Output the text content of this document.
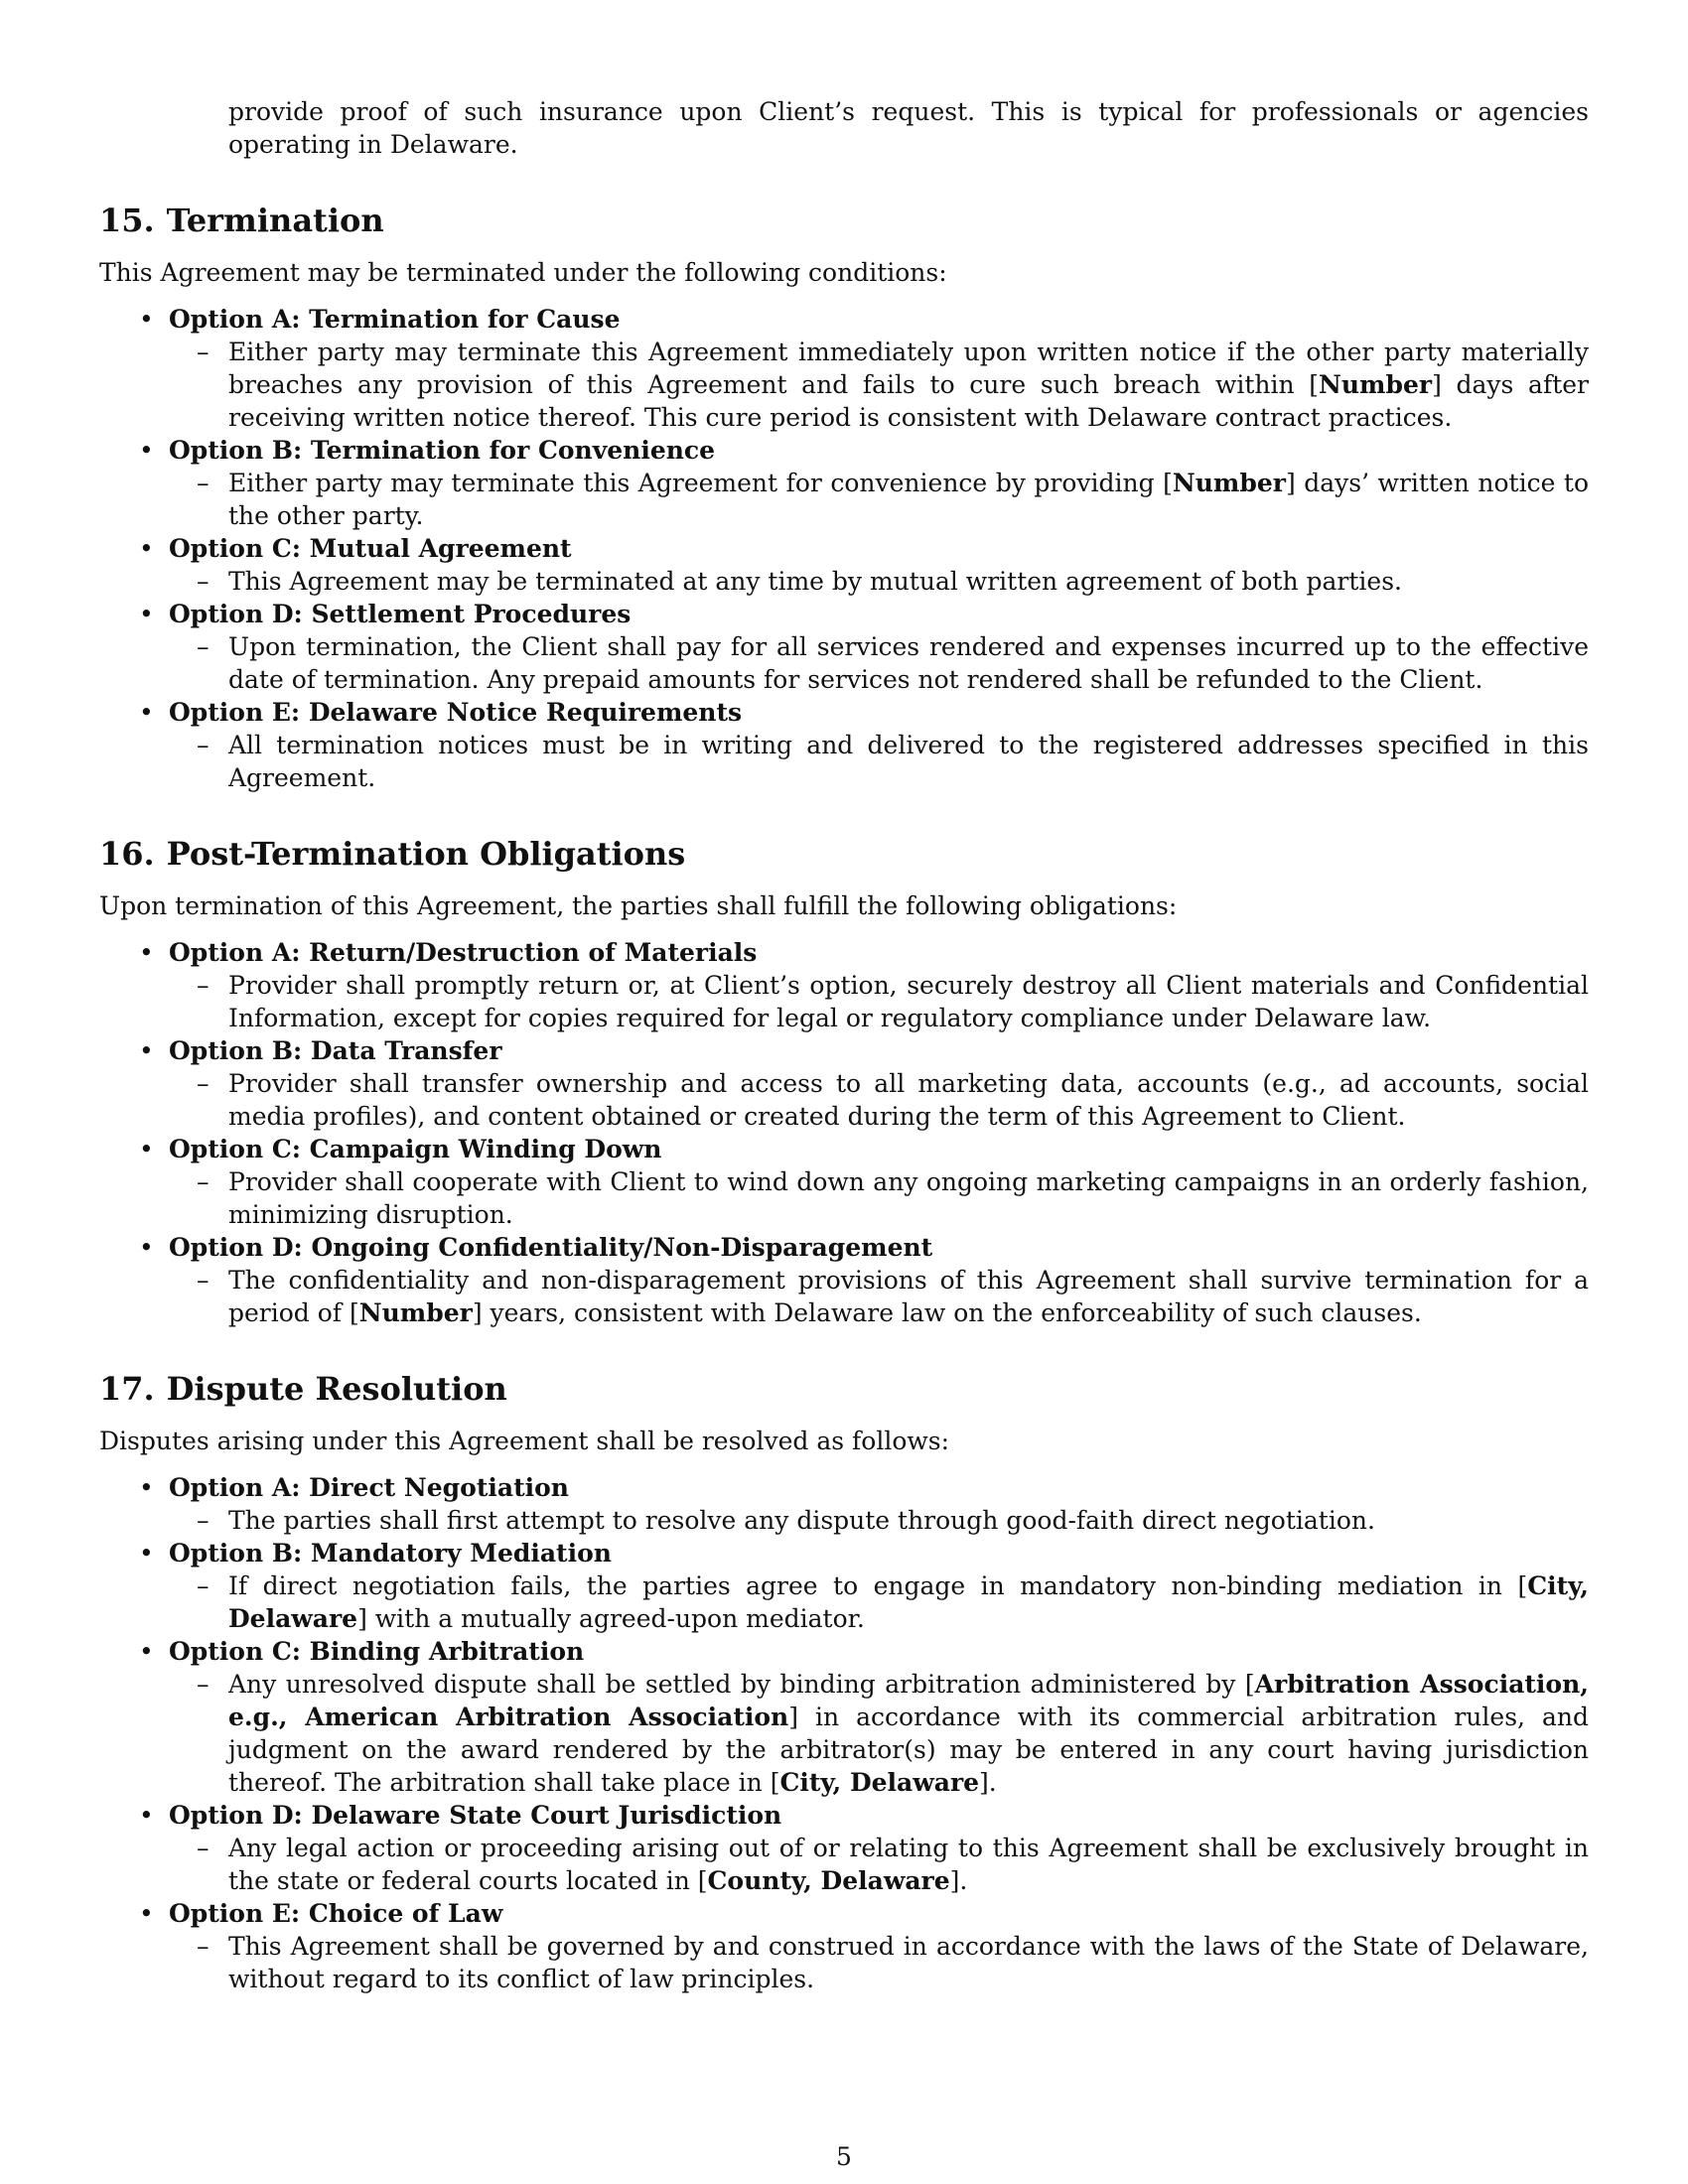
provide proof of such insurance upon Client’s request. This is typical for professionals or agencies operating in Delaware.

15. Termination

This Agreement may be terminated under the following conditions:

• Option A: Termination for Cause
– Either party may terminate this Agreement immediately upon written notice if the other party materially breaches any provision of this Agreement and fails to cure such breach within [Number] days after receiving written notice thereof. This cure period is consistent with Delaware contract practices.
• Option B: Termination for Convenience
– Either party may terminate this Agreement for convenience by providing [Number] days’ written notice to the other party.
• Option C: Mutual Agreement
– This Agreement may be terminated at any time by mutual written agreement of both parties.
• Option D: Settlement Procedures
– Upon termination, the Client shall pay for all services rendered and expenses incurred up to the effective date of termination. Any prepaid amounts for services not rendered shall be refunded to the Client.
• Option E: Delaware Notice Requirements
– All termination notices must be in writing and delivered to the registered addresses specified in this Agreement.
16. Post-Termination Obligations

Upon termination of this Agreement, the parties shall fulfill the following obligations:

• Option A: Return/Destruction of Materials
– Provider shall promptly return or, at Client’s option, securely destroy all Client materials and Confidential Information, except for copies required for legal or regulatory compliance under Delaware law.
• Option B: Data Transfer
– Provider shall transfer ownership and access to all marketing data, accounts (e.g., ad accounts, social media profiles), and content obtained or created during the term of this Agreement to Client.
• Option C: Campaign Winding Down
– Provider shall cooperate with Client to wind down any ongoing marketing campaigns in an orderly fashion, minimizing disruption.
• Option D: Ongoing Confidentiality/Non-Disparagement
– The confidentiality and non-disparagement provisions of this Agreement shall survive termination for a period of [Number] years, consistent with Delaware law on the enforceability of such clauses.
17. Dispute Resolution

Disputes arising under this Agreement shall be resolved as follows:

• Option A: Direct Negotiation
– The parties shall first attempt to resolve any dispute through good-faith direct negotiation.
• Option B: Mandatory Mediation
– If direct negotiation fails, the parties agree to engage in mandatory non-binding mediation in [City, Delaware] with a mutually agreed-upon mediator.
• Option C: Binding Arbitration
– Any unresolved dispute shall be settled by binding arbitration administered by [Arbitration Association, e.g., American Arbitration Association] in accordance with its commercial arbitration rules, and judgment on the award rendered by the arbitrator(s) may be entered in any court having jurisdiction thereof. The arbitration shall take place in [City, Delaware].
• Option D: Delaware State Court Jurisdiction
– Any legal action or proceeding arising out of or relating to this Agreement shall be exclusively brought in the state or federal courts located in [County, Delaware].
• Option E: Choice of Law
– This Agreement shall be governed by and construed in accordance with the laws of the State of Delaware, without regard to its conflict of law principles.
5
